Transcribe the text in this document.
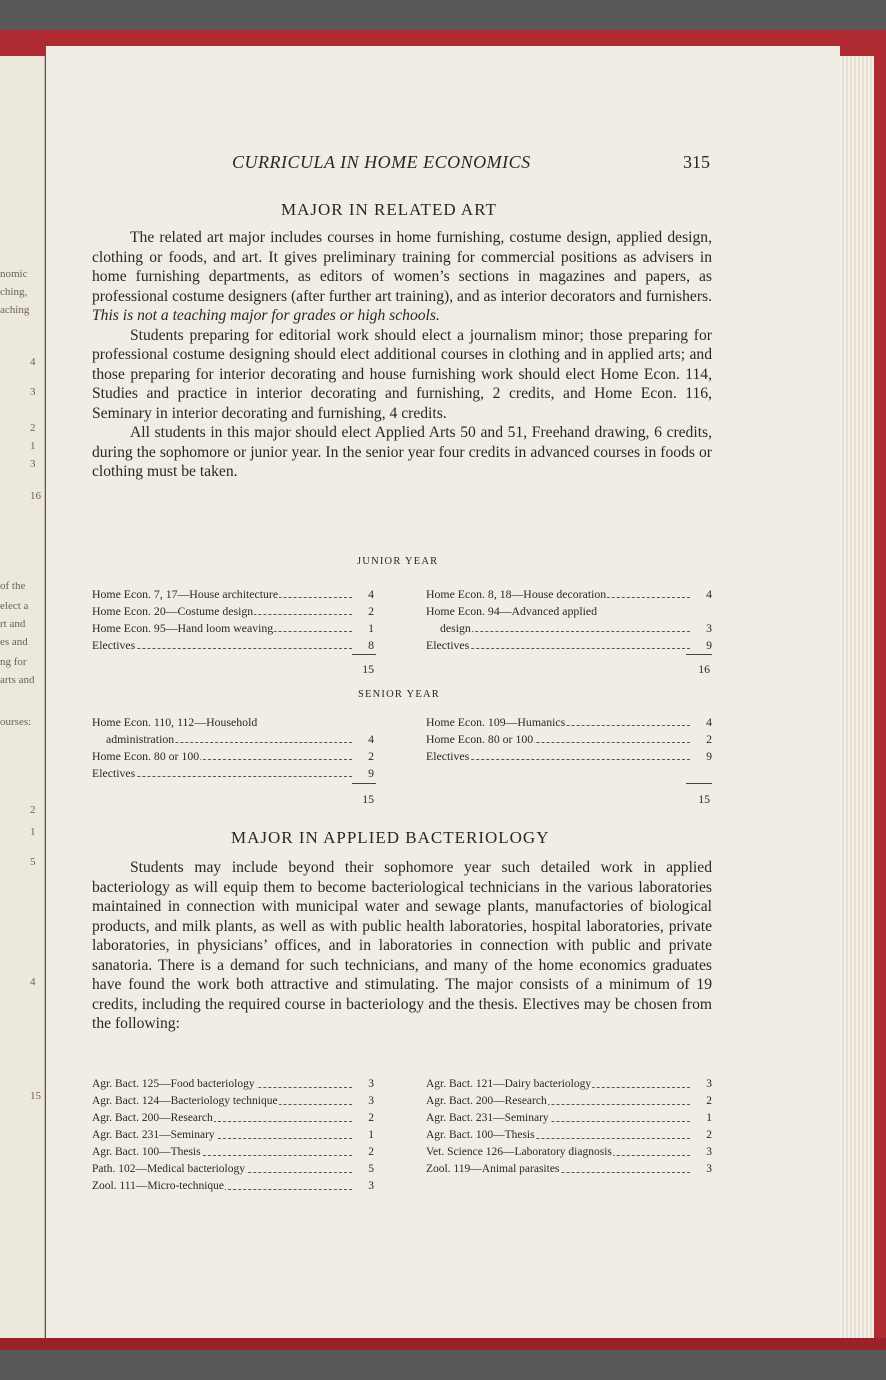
nomic
ching,
aching
4
3
2
1
3
16
of the
elect a
rt and
es and
ng for
arts and
ourses:
2
1
5
4
15
CURRICULA IN HOME ECONOMICS	315
MAJOR IN RELATED ART

The related art major includes courses in home furnishing, costume design, applied design, clothing or foods, and art. It gives preliminary training for commercial positions as advisers in home furnishing departments, as editors of women’s sections in magazines and papers, as professional costume designers (after further art training), and as interior decorators and furnishers. This is not a teaching major for grades or high schools.

Students preparing for editorial work should elect a journalism minor; those preparing for professional costume designing should elect additional courses in clothing and in applied arts; and those preparing for interior decorating and house furnishing work should elect Home Econ. 114, Studies and practice in interior decorating and furnishing, 2 credits, and Home Econ. 116, Seminary in interior decorating and furnishing, 4 credits.

All students in this major should elect Applied Arts 50 and 51, Freehand drawing, 6 credits, during the sophomore or junior year. In the senior year four credits in advanced courses in foods or clothing must be taken.

JUNIOR YEAR
Home Econ. 7, 17—House architecture	4
Home Econ. 20—Costume design	2
Home Econ. 95—Hand loom weaving	1
Electives	8
15
Home Econ. 8, 18—House decoration	4
Home Econ. 94—Advanced applied
design	3
Electives	9
16
SENIOR YEAR
Home Econ. 110, 112—Household
administration	4
Home Econ. 80 or 100	2
Electives	9
15
Home Econ. 109—Humanics	4
Home Econ. 80 or 100	2
Electives	9
15
MAJOR IN APPLIED BACTERIOLOGY

Students may include beyond their sophomore year such detailed work in applied bacteriology as will equip them to become bacteriological technicians in the various laboratories maintained in connection with municipal water and sewage plants, manufactories of biological products, and milk plants, as well as with public health laboratories, hospital laboratories, private laboratories, in physicians’ offices, and in laboratories in connection with public and private sanatoria. There is a demand for such technicians, and many of the home economics graduates have found the work both attractive and stimulating. The major consists of a minimum of 19 credits, including the required course in bacteriology and the thesis. Electives may be chosen from the following:

Agr. Bact. 125—Food bacteriology	3
Agr. Bact. 124—Bacteriology technique	3
Agr. Bact. 200—Research	2
Agr. Bact. 231—Seminary	1
Agr. Bact. 100—Thesis	2
Path. 102—Medical bacteriology	5
Zool. 111—Micro-technique	3
Agr. Bact. 121—Dairy bacteriology	3
Agr. Bact. 200—Research	2
Agr. Bact. 231—Seminary	1
Agr. Bact. 100—Thesis	2
Vet. Science 126—Laboratory diagnosis	3
Zool. 119—Animal parasites	3
